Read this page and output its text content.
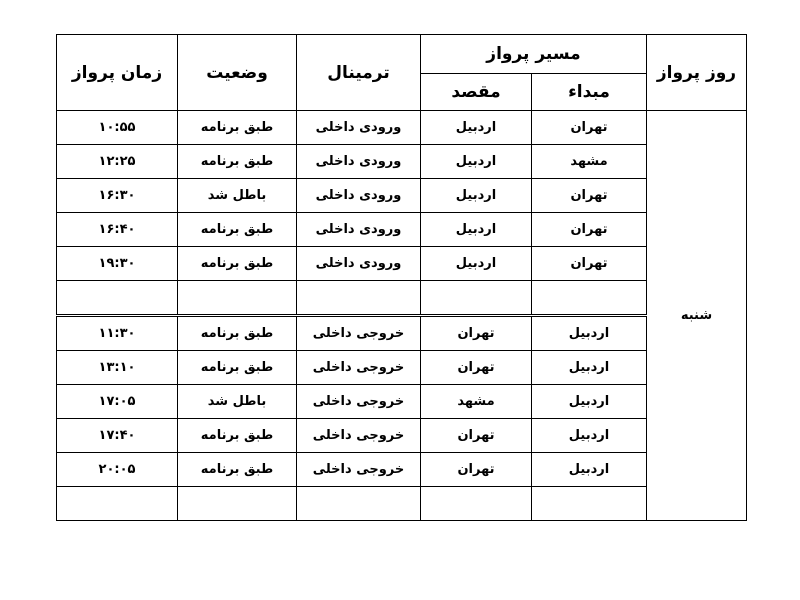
زمان پرواز	وضعیت	ترمینال	مسیر پرواز		روز پرواز
			مقصد	مبداء	
۱۰:۵۵	طبق برنامه	ورودی داخلی	اردبیل	تهران	شنبه
۱۲:۲۵	طبق برنامه	ورودی داخلی	اردبیل	مشهد	
۱۶:۳۰	باطل شد	ورودی داخلی	اردبیل	تهران	
۱۶:۴۰	طبق برنامه	ورودی داخلی	اردبیل	تهران	
۱۹:۳۰	طبق برنامه	ورودی داخلی	اردبیل	تهران	

۱۱:۳۰	طبق برنامه	خروجی داخلی	تهران	اردبیل	
۱۳:۱۰	طبق برنامه	خروجی داخلی	تهران	اردبیل	
۱۷:۰۵	باطل شد	خروجی داخلی	مشهد	اردبیل	
۱۷:۴۰	طبق برنامه	خروجی داخلی	تهران	اردبیل	
۲۰:۰۵	طبق برنامه	خروجی داخلی	تهران	اردبیل	
